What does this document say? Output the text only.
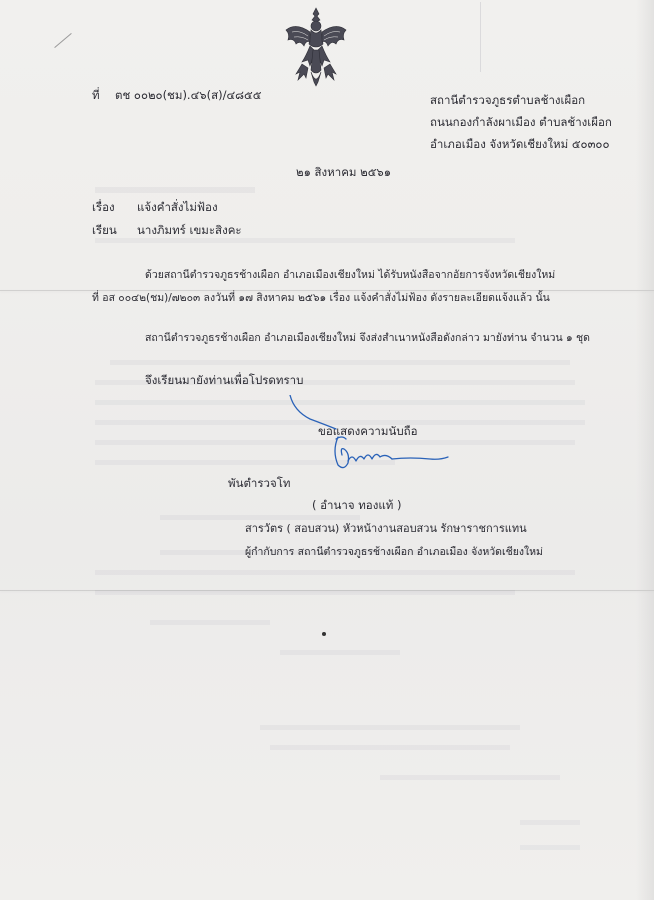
ที่ ตช ๐๐๒๐(ชม).๔๖(ส)/๔๘๕๕	สถานีตำรวจภูธรตำบลช้างเผือก
ถนนกองกำลังผาเมือง ตำบลช้างเผือก
อำเภอเมือง จังหวัดเชียงใหม่ ๕๐๓๐๐
๒๑ สิงหาคม ๒๕๖๑
เรื่อง แจ้งคำสั่งไม่ฟ้อง
เรียน นางภิมทร์ เขมะสิงคะ
ด้วยสถานีตำรวจภูธรช้างเผือก อำเภอเมืองเชียงใหม่ ได้รับหนังสือจากอัยการจังหวัดเชียงใหม่
ที่ อส ๐๐๔๒(ชม)/๗๒๐๓ ลงวันที่ ๑๗ สิงหาคม ๒๕๖๑ เรื่อง แจ้งคำสั่งไม่ฟ้อง ดังรายละเอียดแจ้งแล้ว นั้น
สถานีตำรวจภูธรช้างเผือก อำเภอเมืองเชียงใหม่ จึงส่งสำเนาหนังสือดังกล่าว มายังท่าน จำนวน ๑ ชุด
จึงเรียนมายังท่านเพื่อโปรดทราบ
ขอแสดงความนับถือ
พันตำรวจโท
( อำนาจ ทองแท้ )
สารวัตร ( สอบสวน) หัวหน้างานสอบสวน รักษาราชการแทน
ผู้กำกับการ สถานีตำรวจภูธรช้างเผือก อำเภอเมือง จังหวัดเชียงใหม่
